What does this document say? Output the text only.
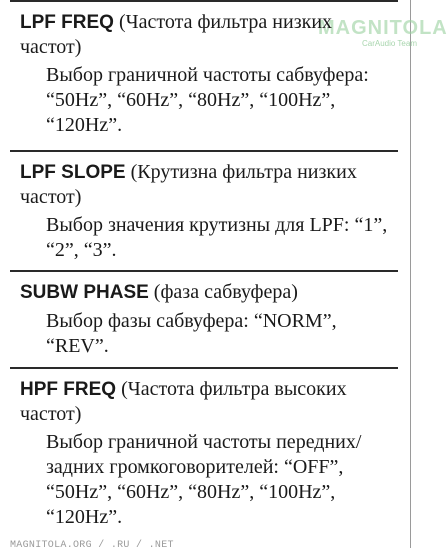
MAGNITOLA
CarAudio Team

LPF FREQ (Частота фильтра низких частот)

Выбор граничной частоты сабвуфера: “50Hz”, “60Hz”, “80Hz”, “100Hz”, “120Hz”.

LPF SLOPE (Крутизна фильтра низких частот)

Выбор значения крутизны для LPF: “1”, “2”, “3”.

SUBW PHASE (фаза сабвуфера)

Выбор фазы сабвуфера: “NORM”, “REV”.

HPF FREQ (Частота фильтра высоких частот)

Выбор граничной частоты передних/ задних громкоговорителей: “OFF”, “50Hz”, “60Hz”, “80Hz”, “100Hz”, “120Hz”.

MAGNITOLA.ORG / .RU / .NET
